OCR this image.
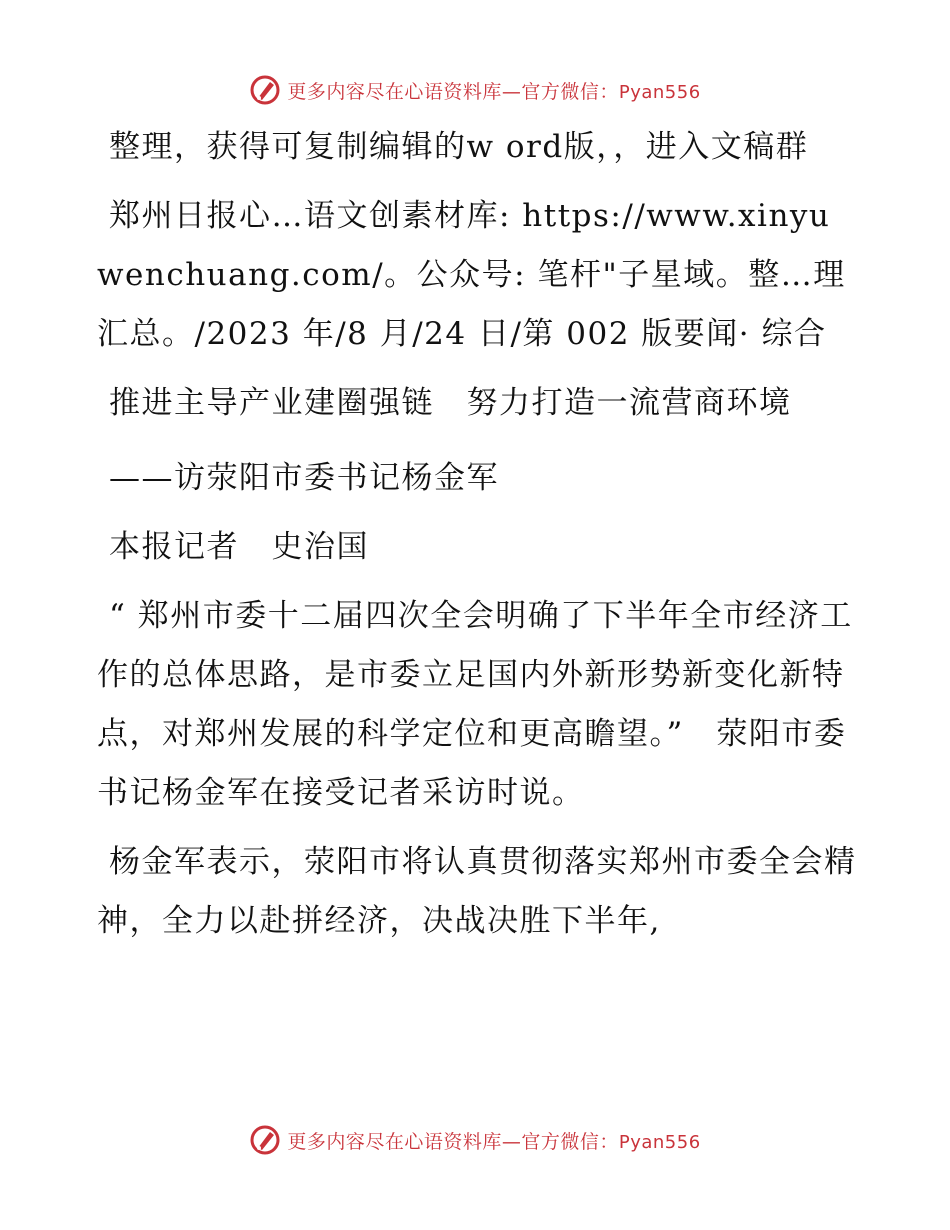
更多内容尽在心语资料库—官方微信：Pyan556

整理，获得可复制编辑的w ord版，，进入文稿群

郑州日报心…语文创素材库: https://www.xinyuwenchuang.com/。公众号: 笔杆"子星域。整…理汇总。/2023 年/8 月/24 日/第 002 版要闻· 综合

推进主导产业建圈强链　努力打造一流营商环境

——访荥阳市委书记杨金军

本报记者　史治国

“ 郑州市委十二届四次全会明确了下半年全市经济工作的总体思路，是市委立足国内外新形势新变化新特点，对郑州发展的科学定位和更高瞻望。”　荥阳市委书记杨金军在接受记者采访时说。

杨金军表示，荥阳市将认真贯彻落实郑州市委全会精神，全力以赴拼经济，决战决胜下半年,

更多内容尽在心语资料库—官方微信：Pyan556
